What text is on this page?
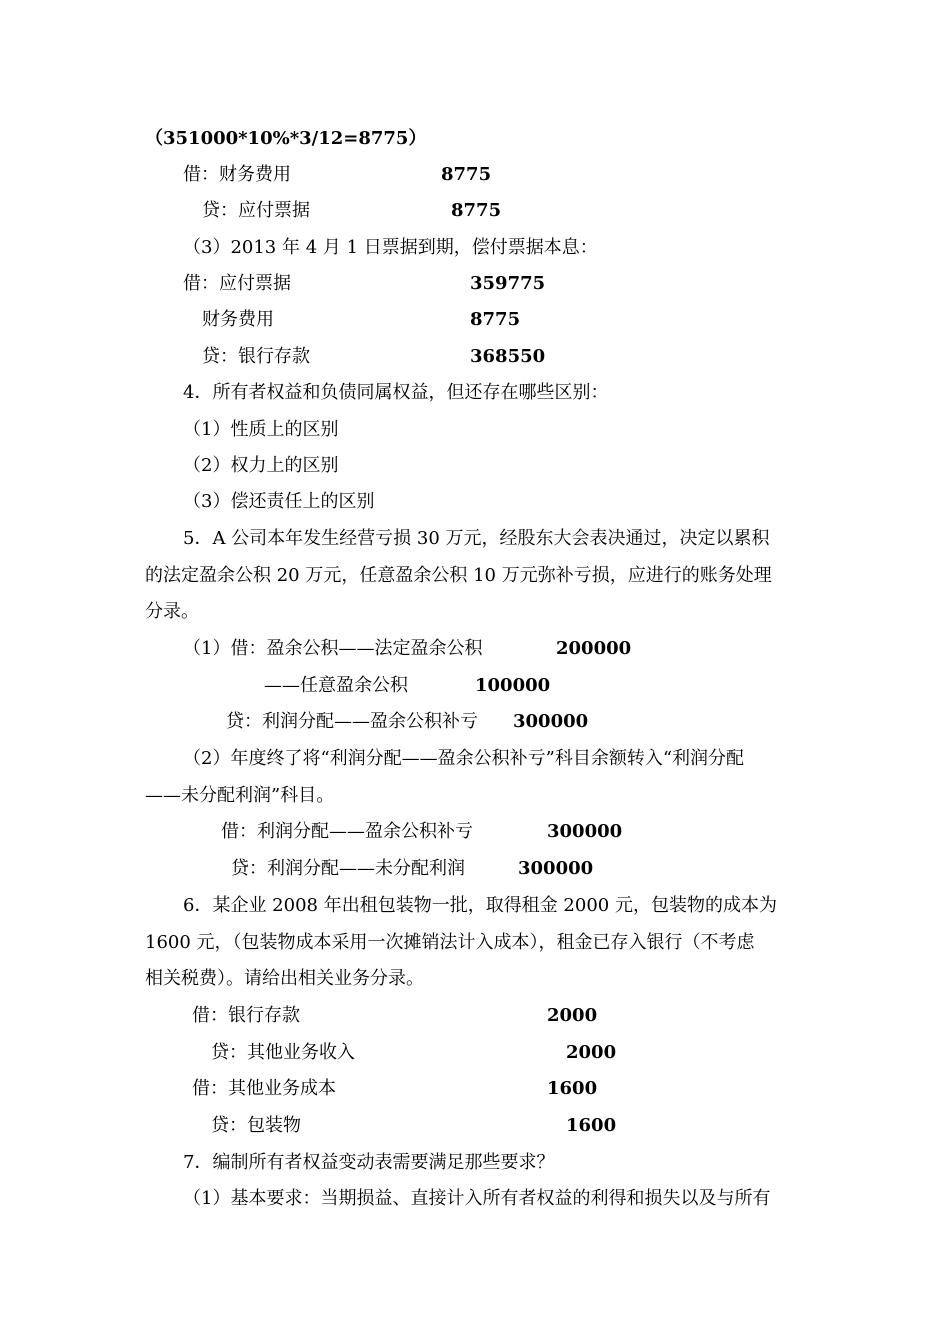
（351000*10%*3/12=8775）
借：财务费用	8775
贷：应付票据	8775
（3）2013 年 4 月 1 日票据到期，偿付票据本息：
借：应付票据	359775
财务费用	8775
贷：银行存款	368550
4．所有者权益和负债同属权益，但还存在哪些区别：
（1）性质上的区别
（2）权力上的区别
（3）偿还责任上的区别
5．A 公司本年发生经营亏损 30 万元，经股东大会表决通过，决定以累积
的法定盈余公积 20 万元，任意盈余公积 10 万元弥补亏损，应进行的账务处理
分录。
（1）借：盈余公积——法定盈余公积	200000
——任意盈余公积	100000
贷：利润分配——盈余公积补亏 300000
（2）年度终了将“利润分配——盈余公积补亏”科目余额转入“利润分配
——未分配利润”科目。
借：利润分配——盈余公积补亏	300000
贷：利润分配——未分配利润	300000
6．某企业 2008 年出租包装物一批，取得租金 2000 元，包装物的成本为
1600 元，（包装物成本采用一次摊销法计入成本），租金已存入银行（不考虑
相关税费）。请给出相关业务分录。
借：银行存款	2000
贷：其他业务收入	2000
借：其他业务成本	1600
贷：包装物	1600
7．编制所有者权益变动表需要满足那些要求？
（1）基本要求：当期损益、直接计入所有者权益的利得和损失以及与所有
